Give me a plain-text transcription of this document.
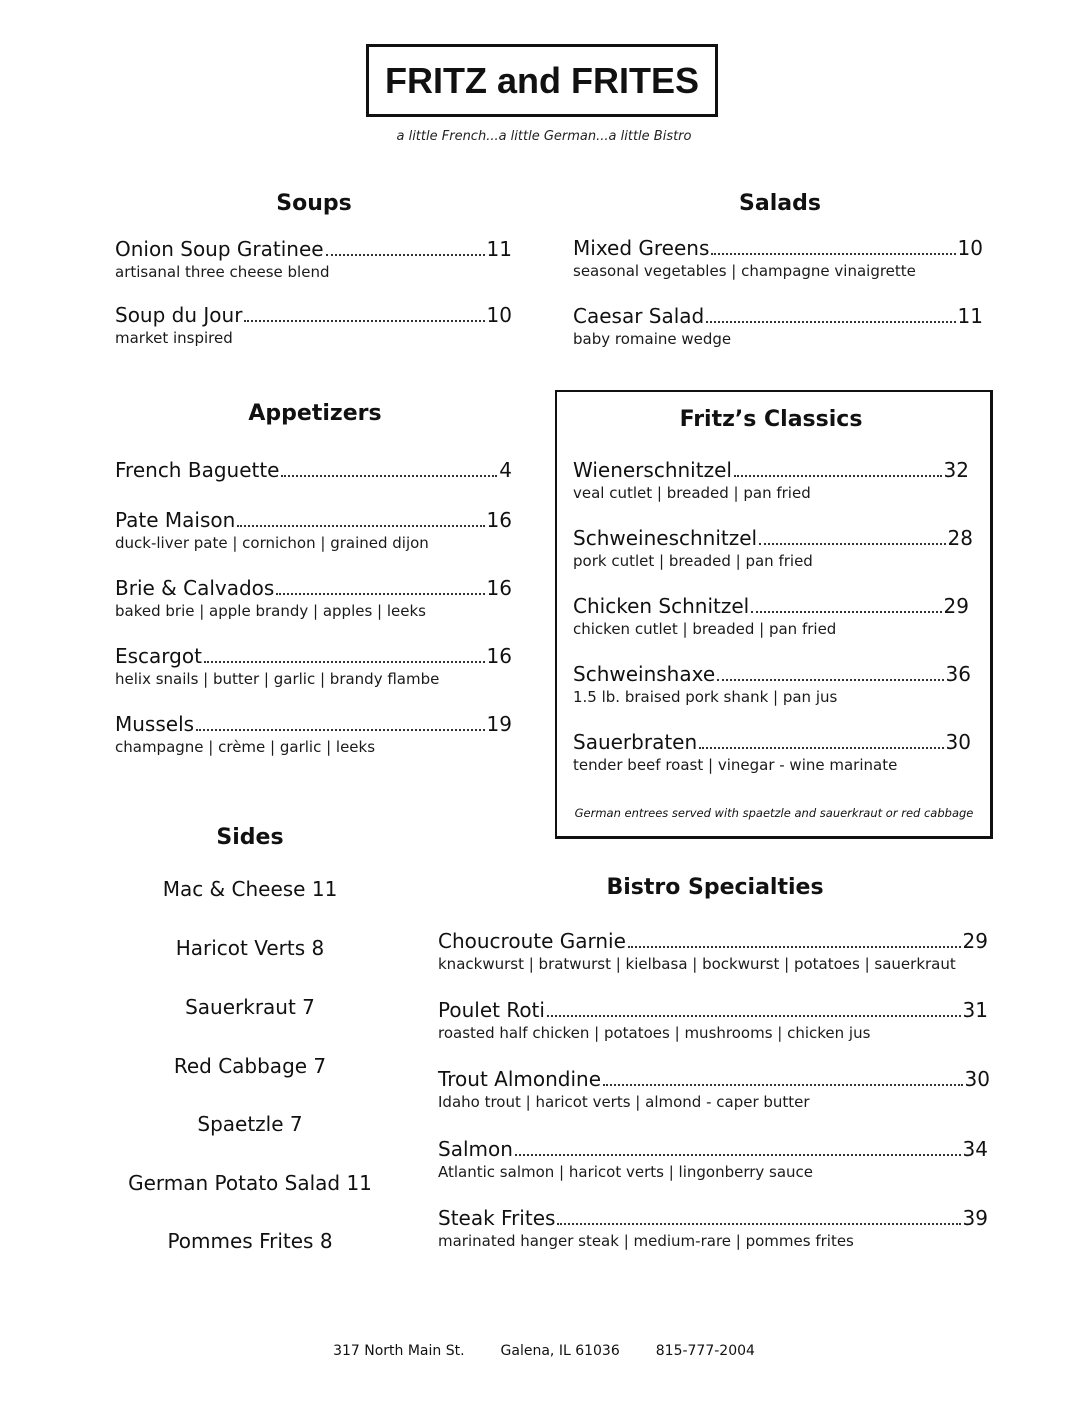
FRITZ and FRITES
a little French...a little German...a little Bistro
Soups
Onion Soup Gratinee	11
artisanal three cheese blend
Soup du Jour	10
market inspired
Salads
Mixed Greens	10
seasonal vegetables | champagne vinaigrette
Caesar Salad	11
baby romaine wedge
Appetizers
French Baguette	4
Pate Maison	16
duck-liver pate | cornichon | grained dijon
Brie & Calvados	16
baked brie | apple brandy | apples | leeks
Escargot	16
helix snails | butter | garlic | brandy flambe
Mussels	19
champagne | crème | garlic | leeks
Fritz’s Classics
Wienerschnitzel	32
veal cutlet | breaded | pan fried
Schweineschnitzel	28
pork cutlet | breaded | pan fried
Chicken Schnitzel	29
chicken cutlet | breaded | pan fried
Schweinshaxe	36
1.5 lb. braised pork shank | pan jus
Sauerbraten	30
tender beef roast | vinegar - wine marinate
German entrees served with spaetzle and sauerkraut or red cabbage
Sides
Mac & Cheese 11
Haricot Verts 8
Sauerkraut 7
Red Cabbage 7
Spaetzle 7
German Potato Salad 11
Pommes Frites 8
Bistro Specialties
Choucroute Garnie	29
knackwurst | bratwurst | kielbasa | bockwurst | potatoes | sauerkraut
Poulet Roti	31
roasted half chicken | potatoes | mushrooms | chicken jus
Trout Almondine	30
Idaho trout | haricot verts | almond - caper butter
Salmon	34
Atlantic salmon | haricot verts | lingonberry sauce
Steak Frites	39
marinated hanger steak | medium-rare | pommes frites
317 North Main St.	Galena, IL 61036	815-777-2004
